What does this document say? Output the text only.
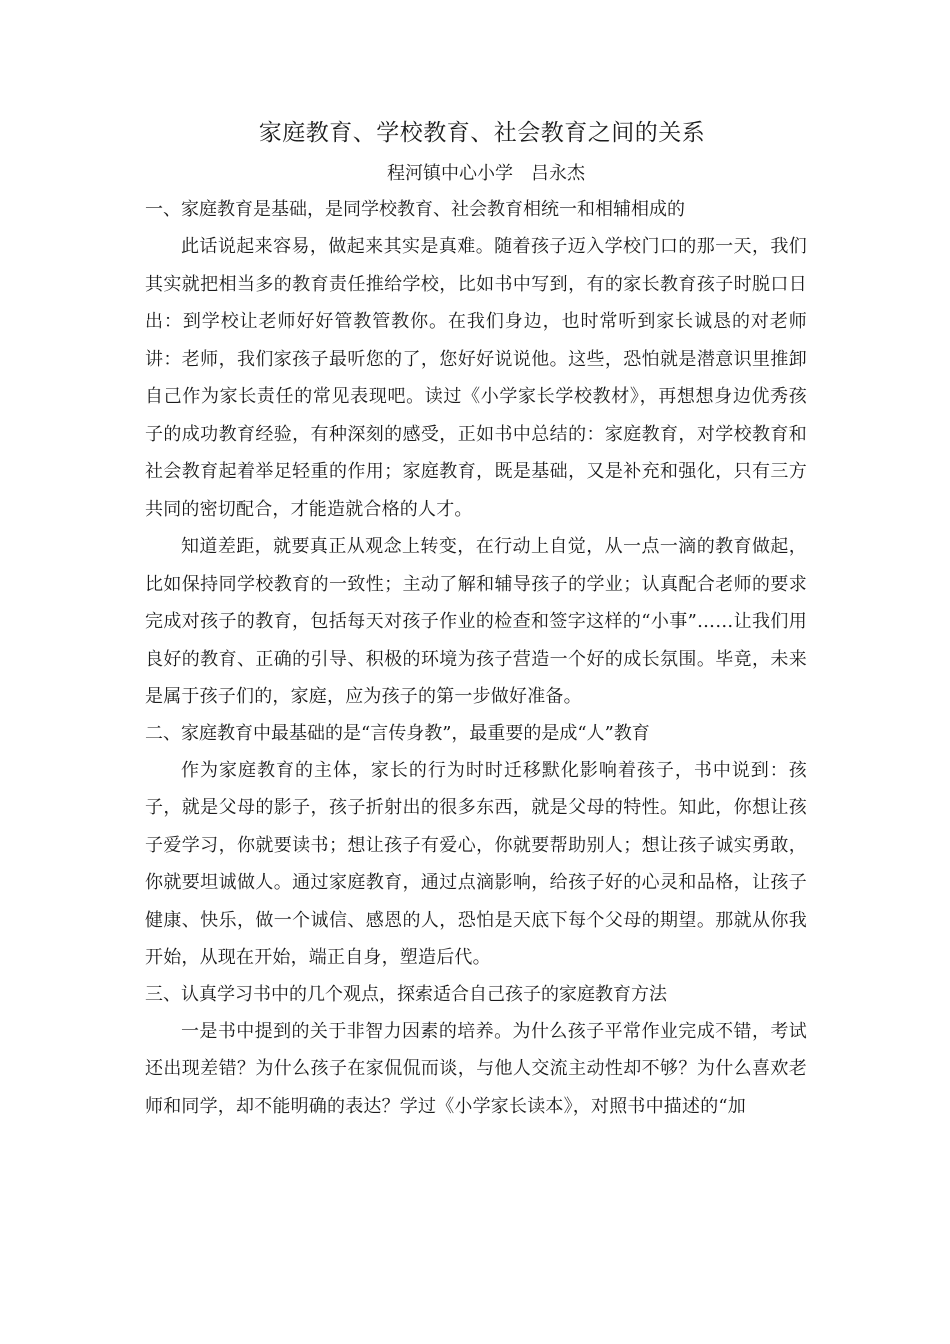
家庭教育、学校教育、社会教育之间的关系

程河镇中心小学　吕永杰

一、家庭教育是基础，是同学校教育、社会教育相统一和相辅相成的

此话说起来容易，做起来其实是真难。随着孩子迈入学校门口的那一天，我们其实就把相当多的教育责任推给学校，比如书中写到，有的家长教育孩子时脱口日出：到学校让老师好好管教管教你。在我们身边，也时常听到家长诚恳的对老师讲：老师，我们家孩子最听您的了，您好好说说他。这些，恐怕就是潜意识里推卸自己作为家长责任的常见表现吧。读过《小学家长学校教材》，再想想身边优秀孩子的成功教育经验，有种深刻的感受，正如书中总结的：家庭教育，对学校教育和社会教育起着举足轻重的作用；家庭教育，既是基础，又是补充和强化，只有三方共同的密切配合，才能造就合格的人才。

知道差距，就要真正从观念上转变，在行动上自觉，从一点一滴的教育做起，比如保持同学校教育的一致性；主动了解和辅导孩子的学业；认真配合老师的要求完成对孩子的教育，包括每天对孩子作业的检查和签字这样的“小事”……让我们用良好的教育、正确的引导、积极的环境为孩子营造一个好的成长氛围。毕竟，未来是属于孩子们的，家庭，应为孩子的第一步做好准备。

二、家庭教育中最基础的是“言传身教”，最重要的是成“人”教育

作为家庭教育的主体，家长的行为时时迁移默化影响着孩子，书中说到：孩子，就是父母的影子，孩子折射出的很多东西，就是父母的特性。知此，你想让孩子爱学习，你就要读书；想让孩子有爱心，你就要帮助别人；想让孩子诚实勇敢，你就要坦诚做人。通过家庭教育，通过点滴影响，给孩子好的心灵和品格，让孩子健康、快乐，做一个诚信、感恩的人，恐怕是天底下每个父母的期望。那就从你我开始，从现在开始，端正自身，塑造后代。

三、认真学习书中的几个观点，探索适合自己孩子的家庭教育方法

一是书中提到的关于非智力因素的培养。为什么孩子平常作业完成不错，考试还出现差错？为什么孩子在家侃侃而谈，与他人交流主动性却不够？为什么喜欢老师和同学，却不能明确的表达？学过《小学家长读本》，对照书中描述的“加
